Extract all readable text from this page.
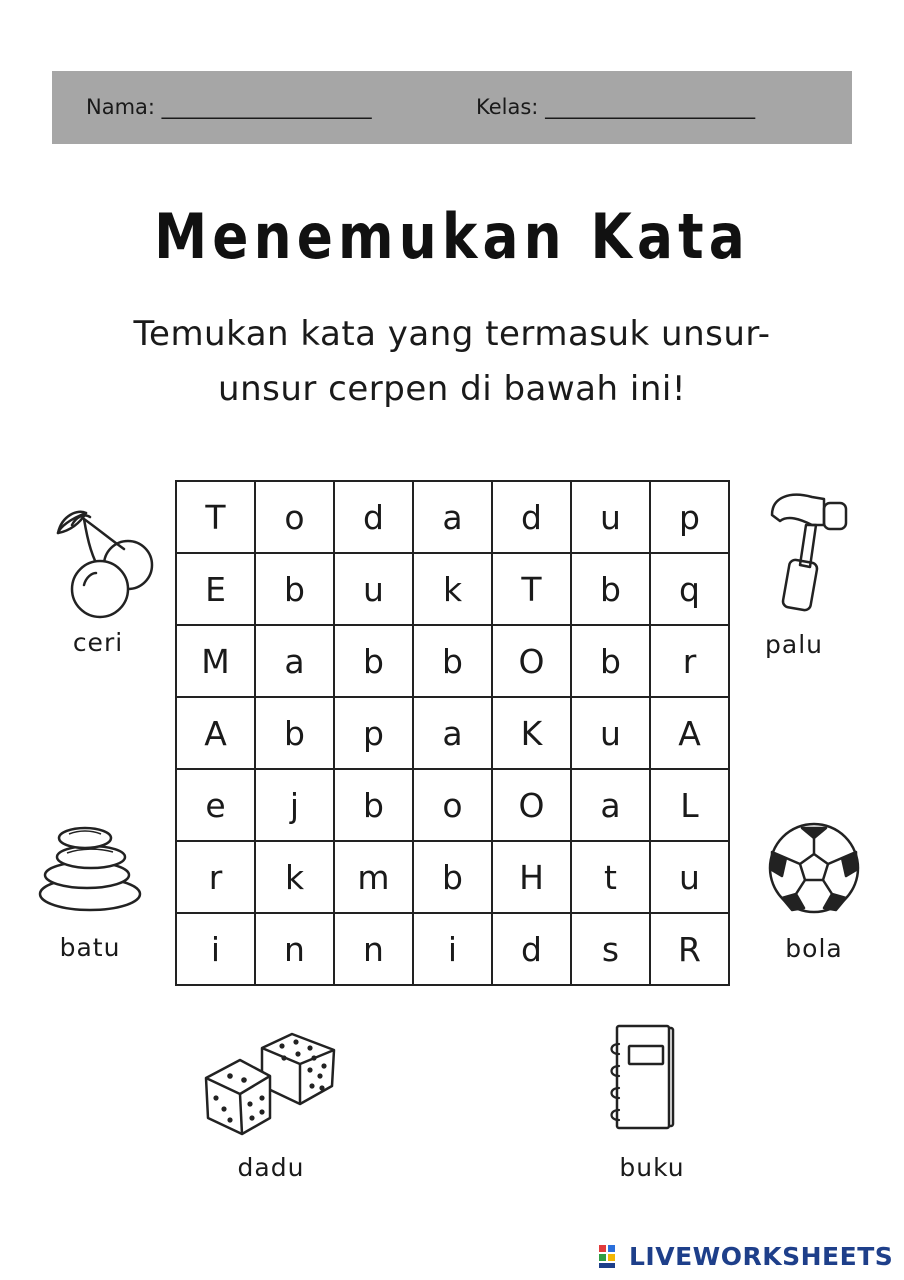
Nama: ______________________	Kelas: ______________________
Menemukan Kata
Temukan kata yang termasuk unsur-
unsur cerpen di bawah ini!
T	o	d	a	d	u	p
E	b	u	k	T	b	q
M	a	b	b	O	b	r
A	b	p	a	K	u	A
e	j	b	o	O	a	L
r	k	m	b	H	t	u
i	n	n	i	d	s	R
ceri	palu
batu	bola
dadu	buku
LIVEWORKSHEETS
